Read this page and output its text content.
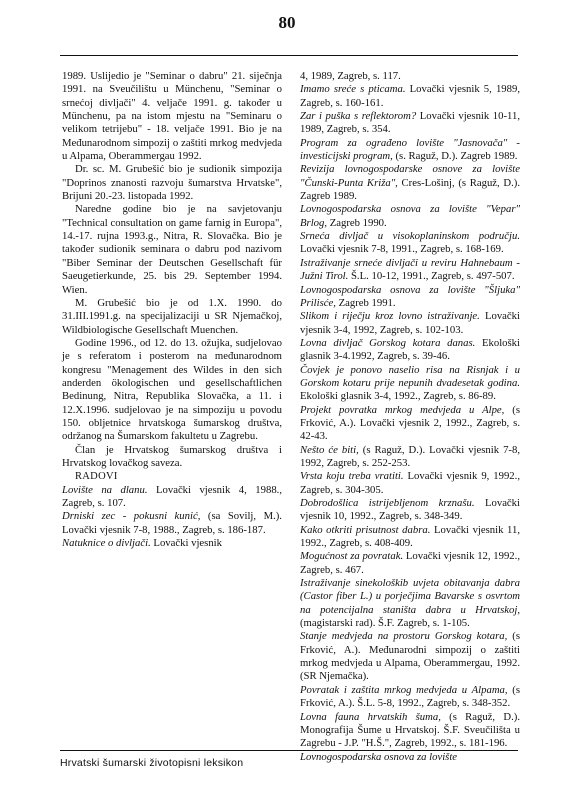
80

1989. Uslijedio je "Seminar o dabru" 21. siječnja 1991. na Sveučilištu u Münchenu, "Seminar o srnećoj divljači" 4. veljače 1991. g. također u Münchenu, pa na istom mjestu na "Seminaru o velikom tetrijebu" - 18. veljače 1991. Bio je na Međunarodnom simpozij o zaštiti mrkog medvjeda u Alpama, Oberammergau 1992.

Dr. sc. M. Grubešić bio je sudionik simpozija "Doprinos znanosti razvoju šumarstva Hrvatske", Brijuni 20.-23. listopada 1992.

Naredne godine bio je na savjetovanju "Technical consultation on game farnig in Europa", 14.-17. rujna 1993.g., Nitra, R. Slovačka. Bio je također sudionik seminara o dabru pod nazivom "Biber Seminar der Deutschen Gesellschaft für Saeugetierkunde, 25. bis 29. September 1994. Wien.

M. Grubešić bio je od 1.X. 1990. do 31.III.1991.g. na specijalizaciji u SR Njemačkoj, Wildbiologische Gesellschaft Muenchen.

Godine 1996., od 12. do 13. ožujka, sudjelovao je s referatom i posterom na međunarodnom kongresu "Menagement des Wildes in den sich anderden ökologischen und gesellschaftlichen Bedinung, Nitra, Republika Slovačka, a 11. i 12.X.1996. sudjelovao je na simpoziju u povodu 150. obljetnice hrvatskoga šumarskog društva, održanog na Šumarskom fakultetu u Zagrebu.

Član je Hrvatskog šumarskog društva i Hrvatskog lovačkog saveza.

RADOVI

Lovište na dlanu. Lovački vjesnik 4, 1988., Zagreb, s. 107.

Drniski zec - pokusni kunić, (sa Sovilj, M.). Lovački vjesnik 7-8, 1988., Zagreb, s. 186-187.

Natuknice o divljači. Lovački vjesnik

4, 1989, Zagreb, s. 117.

Imamo sreće s pticama. Lovački vjesnik 5, 1989, Zagreb, s. 160-161.

Zar i puška s reflektorom? Lovački vjesnik 10-11, 1989, Zagreb, s. 354.

Program za ograđeno lovište "Jasnovača" - investicijski program, (s. Raguž, D.). Zagreb 1989.

Revizija lovnogospodarske osnove za lovište "Čunski-Punta Križa", Cres-Lošinj, (s Raguž, D.). Zagreb 1989.

Lovnogospodarska osnova za lovište "Vepar" Brlog, Zagreb 1990.

Srneća divljač u visokoplaninskom području. Lovački vjesnik 7-8, 1991., Zagreb, s. 168-169.

Istraživanje srneće divljači u reviru Hahnebaum - Južni Tirol. Š.L. 10-12, 1991., Zagreb, s. 497-507.

Lovnogospodarska osnova za lovište "Šljuka" Prilisće, Zagreb 1991.

Slikom i riječju kroz lovno istraživanje. Lovački vjesnik 3-4, 1992, Zagreb, s. 102-103.

Lovna divljač Gorskog kotara danas. Ekološki glasnik 3-4.1992, Zagreb, s. 39-46.

Čovjek je ponovo naselio risa na Risnjak i u Gorskom kotaru prije nepunih dvadesetak godina. Ekološki glasnik 3-4, 1992., Zagreb, s. 86-89.

Projekt povratka mrkog medvjeda u Alpe, (s Frković, A.). Lovački vjesnik 2, 1992., Zagreb, s. 42-43.

Nešto će biti, (s Raguž, D.). Lovački vjesnik 7-8, 1992, Zagreb, s. 252-253.

Vrsta koju treba vratiti. Lovački vjesnik 9, 1992., Zagreb, s. 304-305.

Dobrodošlica istrijebljenom krznašu. Lovački vjesnik 10, 1992., Zagreb, s. 348-349.

Kako otkriti prisutnost dabra. Lovački vjesnik 11, 1992., Zagreb, s. 408-409.

Mogućnost za povratak. Lovački vjesnik 12, 1992., Zagreb, s. 467.

Istraživanje sinekološkib uvjeta obitavanja dabra (Castor fiber L.) u porječjima Bavarske s osvrtom na potencijalna staništa dabra u Hrvatskoj, (magistarski rad). Š.F. Zagreb, s. 1-105.

Stanje medvjeda na prostoru Gorskog kotara, (s Frković, A.). Međunarodni simpozij o zaštiti mrkog medvjeda u Alpama, Oberammergau, 1992. (SR Njemačka).

Povratak i zaštita mrkog medvjeda u Alpama, (s Frković, A.). Š.L. 5-8, 1992., Zagreb, s. 348-352.

Lovna fauna hrvatskih šuma, (s Raguž, D.). Monografija Šume u Hrvatskoj. Š.F. Sveučilišta u Zagrebu - J.P. "H.Š.", Zagreb, 1992., s. 181-196.

Lovnogospodarska osnova za lovište

Hrvatski šumarski životopisni leksikon
